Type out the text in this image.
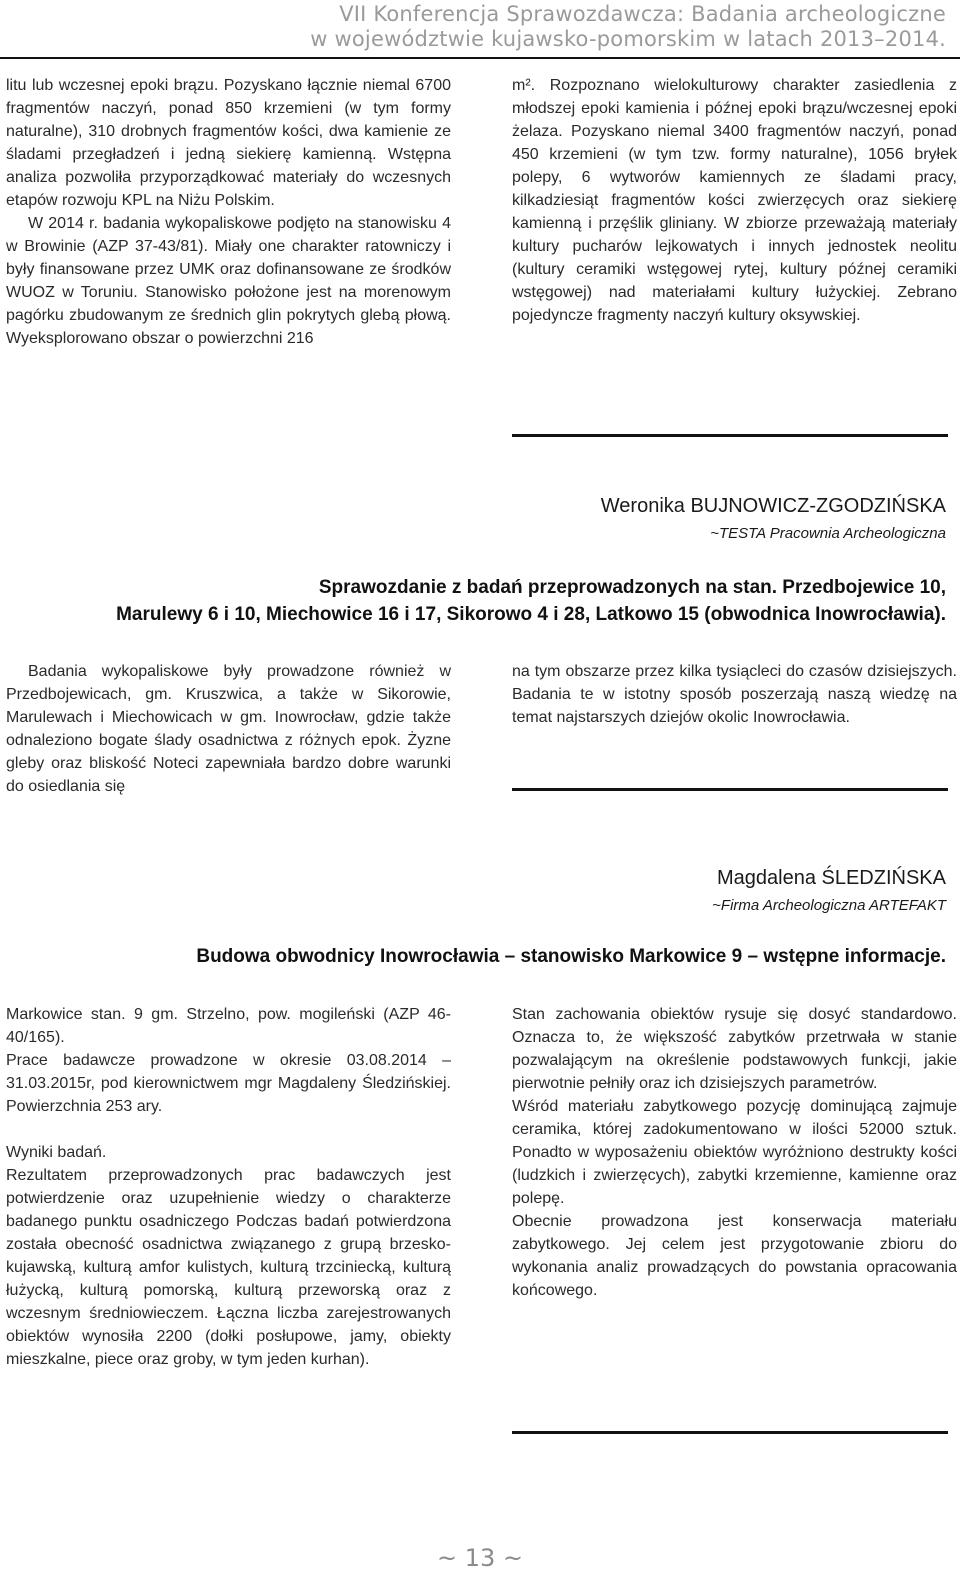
VII Konferencja Sprawozdawcza: Badania archeologiczne
w województwie kujawsko-pomorskim w latach 2013–2014.

litu lub wczesnej epoki brązu. Pozyskano łącznie niemal 6700 fragmentów naczyń, ponad 850 krzemieni (w tym formy naturalne), 310 drobnych fragmentów kości, dwa kamienie ze śladami przegładzeń i jedną siekierę kamienną. Wstępna analiza pozwoliła przyporządkować materiały do wczesnych etapów rozwoju KPL na Niżu Polskim.

W 2014 r. badania wykopaliskowe podjęto na stanowisku 4 w Browinie (AZP 37-43/81). Miały one charakter ratowniczy i były finansowane przez UMK oraz dofinansowane ze środków WUOZ w Toruniu. Stanowisko położone jest na morenowym pagórku zbudowanym ze średnich glin pokrytych glebą płową. Wyeksplorowano obszar o powierzchni 216

m². Rozpoznano wielokulturowy charakter zasiedlenia z młodszej epoki kamienia i późnej epoki brązu/wczesnej epoki żelaza. Pozyskano niemal 3400 fragmentów naczyń, ponad 450 krzemieni (w tym tzw. formy naturalne), 1056 bryłek polepy, 6 wytworów kamiennych ze śladami pracy, kilkadziesiąt fragmentów kości zwierzęcych oraz siekierę kamienną i przęślik gliniany. W zbiorze przeważają materiały kultury pucharów lejkowatych i innych jednostek neolitu (kultury ceramiki wstęgowej rytej, kultury późnej ceramiki wstęgowej) nad materiałami kultury łużyckiej. Zebrano pojedyncze fragmenty naczyń kultury oksywskiej.

Weronika BUJNOWICZ-ZGODZIŃSKA
~TESTA Pracownia Archeologiczna
Sprawozdanie z badań przeprowadzonych na stan. Przedbojewice 10,
Marulewy 6 i 10, Miechowice 16 i 17, Sikorowo 4 i 28, Latkowo 15 (obwodnica Inowrocławia).

Badania wykopaliskowe były prowadzone również w Przedbojewicach, gm. Kruszwica, a także w Sikorowie, Marulewach i Miechowicach w gm. Inowrocław, gdzie także odnaleziono bogate ślady osadnictwa z różnych epok. Żyzne gleby oraz bliskość Noteci zapewniała bardzo dobre warunki do osiedlania się

na tym obszarze przez kilka tysiącleci do czasów dzisiejszych. Badania te w istotny sposób poszerzają naszą wiedzę na temat najstarszych dziejów okolic Inowrocławia.

Magdalena ŚLEDZIŃSKA
~Firma Archeologiczna ARTEFAKT
Budowa obwodnicy Inowrocławia – stanowisko Markowice 9 – wstępne informacje.

Markowice stan. 9 gm. Strzelno, pow. mogileński (AZP 46-40/165).

Prace badawcze prowadzone w okresie 03.08.2014 – 31.03.2015r, pod kierownictwem mgr Magdaleny Śledzińskiej. Powierzchnia 253 ary.

Wyniki badań.

Rezultatem przeprowadzonych prac badawczych jest potwierdzenie oraz uzupełnienie wiedzy o charakterze badanego punktu osadniczego Podczas badań potwierdzona została obecność osadnictwa związanego z grupą brzesko-kujawską, kulturą amfor kulistych, kulturą trzciniecką, kulturą łużycką, kulturą pomorską, kulturą przeworską oraz z wczesnym średniowieczem. Łączna liczba zarejestrowanych obiektów wynosiła 2200 (dołki posłupowe, jamy, obiekty mieszkalne, piece oraz groby, w tym jeden kurhan).

Stan zachowania obiektów rysuje się dosyć standardowo. Oznacza to, że większość zabytków przetrwała w stanie pozwalającym na określenie podstawowych funkcji, jakie pierwotnie pełniły oraz ich dzisiejszych parametrów.

Wśród materiału zabytkowego pozycję dominującą zajmuje ceramika, której zadokumentowano w ilości 52000 sztuk. Ponadto w wyposażeniu obiektów wyróżniono destrukty kości (ludzkich i zwierzęcych), zabytki krzemienne, kamienne oraz polepę.

Obecnie prowadzona jest konserwacja materiału zabytkowego. Jej celem jest przygotowanie zbioru do wykonania analiz prowadzących do powstania opracowania końcowego.

~ 13 ~
